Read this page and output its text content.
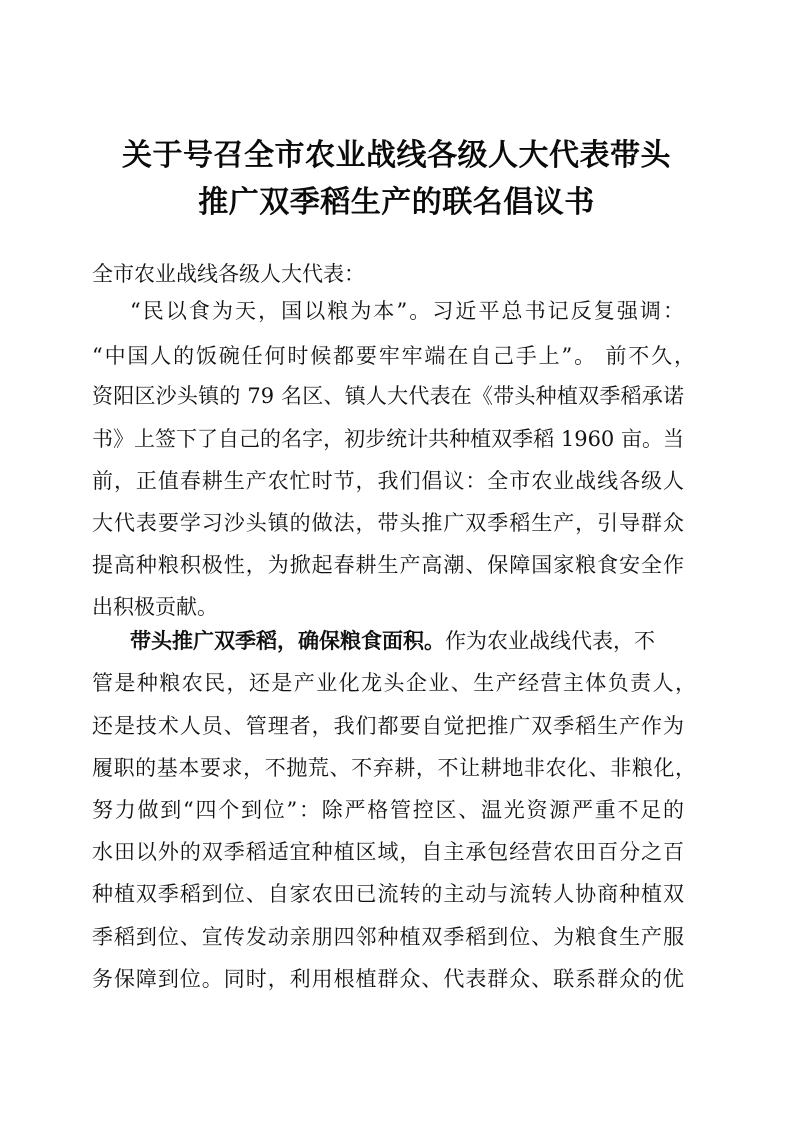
关于号召全市农业战线各级人大代表带头
推广双季稻生产的联名倡议书
全市农业战线各级人大代表：
“民以食为天，国以粮为本”。习近平总书记反复强调：
“中国人的饭碗任何时候都要牢牢端在自己手上”。 前不久，
资阳区沙头镇的 79 名区、镇人大代表在《带头种植双季稻承诺
书》上签下了自己的名字，初步统计共种植双季稻 1960 亩。当
前，正值春耕生产农忙时节，我们倡议：全市农业战线各级人
大代表要学习沙头镇的做法，带头推广双季稻生产，引导群众
提高种粮积极性，为掀起春耕生产高潮、保障国家粮食安全作
出积极贡献。
带头推广双季稻，确保粮食面积。作为农业战线代表，不
管是种粮农民，还是产业化龙头企业、生产经营主体负责人，
还是技术人员、管理者，我们都要自觉把推广双季稻生产作为
履职的基本要求，不抛荒、不弃耕，不让耕地非农化、非粮化，
努力做到“四个到位”：除严格管控区、温光资源严重不足的
水田以外的双季稻适宜种植区域，自主承包经营农田百分之百
种植双季稻到位、自家农田已流转的主动与流转人协商种植双
季稻到位、宣传发动亲朋四邻种植双季稻到位、为粮食生产服
务保障到位。同时，利用根植群众、代表群众、联系群众的优
